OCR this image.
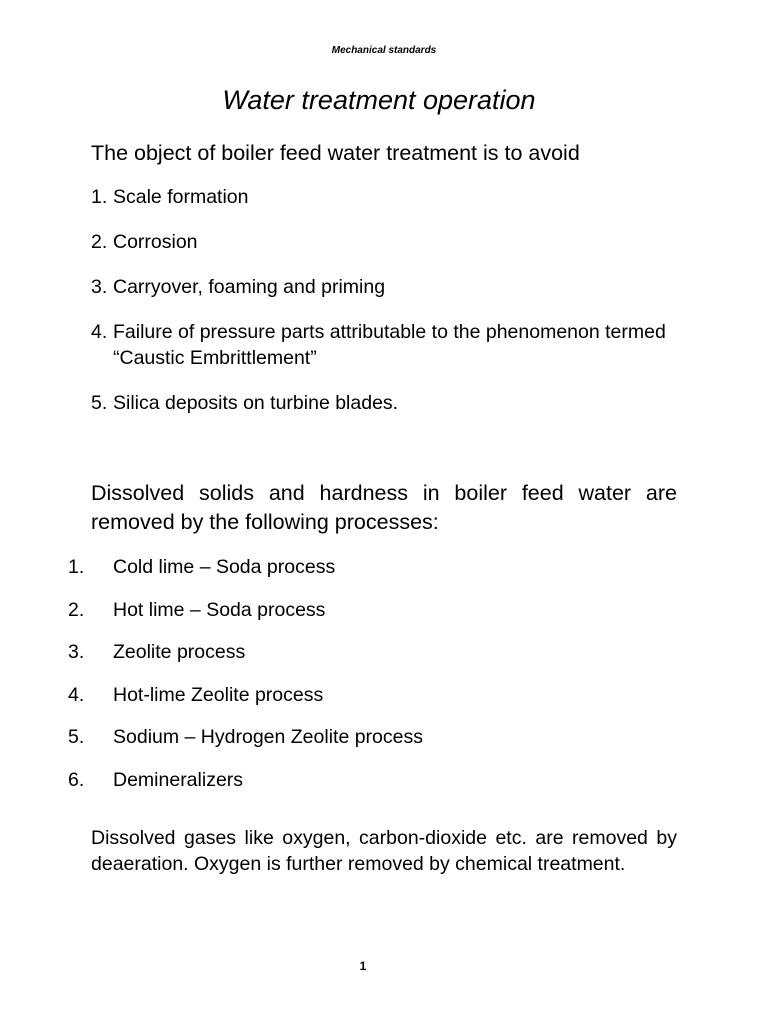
Mechanical standards
Water treatment operation
The object of boiler feed water treatment is to avoid
1. Scale formation
2. Corrosion
3. Carryover, foaming and priming
4. Failure of pressure parts attributable to the phenomenon termed “Caustic Embrittlement”
5. Silica deposits on turbine blades.
Dissolved solids and hardness in boiler feed water are removed by the following processes:
1.	Cold lime – Soda process
2.	Hot lime – Soda process
3.	Zeolite process
4.	Hot-lime Zeolite process
5.	Sodium – Hydrogen Zeolite process
6.	Demineralizers
Dissolved gases like oxygen, carbon-dioxide etc. are removed by deaeration. Oxygen is further removed by chemical treatment.
1
